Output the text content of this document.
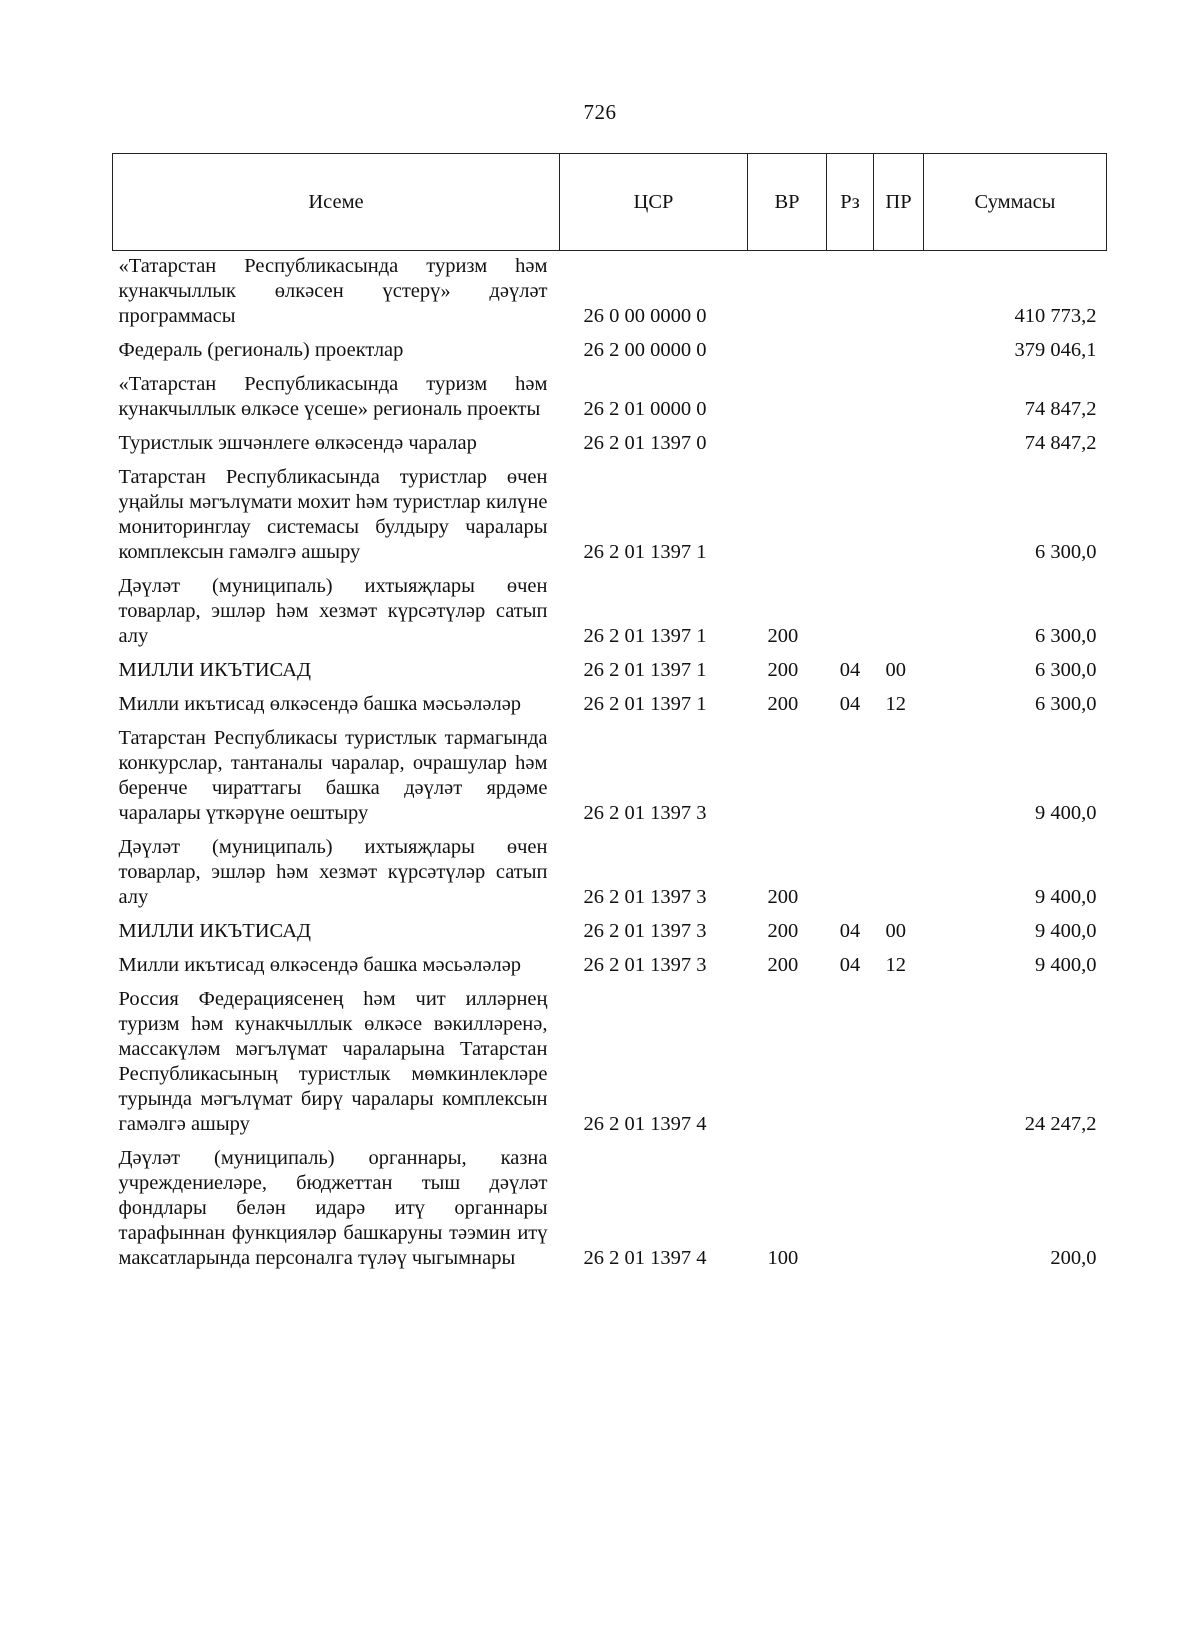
726
Исеме	ЦСР	ВР	Рз	ПР	Суммасы
«Татарстан Республикасында туризм һәм кунакчыллык өлкәсен үстерү» дәүләт программасы	26 0 00 0000 0				410 773,2
Федераль (региональ) проектлар	26 2 00 0000 0				379 046,1
«Татарстан Республикасында туризм һәм кунакчыллык өлкәсе үсеше» региональ проекты	26 2 01 0000 0				74 847,2
Туристлык эшчәнлеге өлкәсендә чаралар	26 2 01 1397 0				74 847,2
Татарстан Республикасында туристлар өчен уңайлы мәгълүмати мохит һәм туристлар килүне мониторинглау системасы булдыру чаралары комплексын гамәлгә ашыру	26 2 01 1397 1				6 300,0
Дәүләт (муниципаль) ихтыяҗлары өчен товарлар, эшләр һәм хезмәт күрсәтүләр сатып алу	26 2 01 1397 1	200			6 300,0
МИЛЛИ ИКЪТИСАД	26 2 01 1397 1	200	04	00	6 300,0
Милли икътисад өлкәсендә башка мәсьәләләр	26 2 01 1397 1	200	04	12	6 300,0
Татарстан Республикасы туристлык тармагында конкурслар, тантаналы чаралар, очрашулар һәм беренче чираттагы башка дәүләт ярдәме чаралары үткәрүне оештыру	26 2 01 1397 3				9 400,0
Дәүләт (муниципаль) ихтыяҗлары өчен товарлар, эшләр һәм хезмәт күрсәтүләр сатып алу	26 2 01 1397 3	200			9 400,0
МИЛЛИ ИКЪТИСАД	26 2 01 1397 3	200	04	00	9 400,0
Милли икътисад өлкәсендә башка мәсьәләләр	26 2 01 1397 3	200	04	12	9 400,0
Россия Федерациясенең һәм чит илләрнең туризм һәм кунакчыллык өлкәсе вәкилләренә, массакүләм мәгълүмат чараларына Татарстан Республикасының туристлык мөмкинлекләре турында мәгълүмат бирү чаралары комплексын гамәлгә ашыру	26 2 01 1397 4				24 247,2
Дәүләт (муниципаль) органнары, казна учреждениеләре, бюджеттан тыш дәүләт фондлары белән идарә итү органнары тарафыннан функцияләр башкаруны тәэмин итү максатларында персоналга түләү чыгымнары	26 2 01 1397 4	100			200,0
